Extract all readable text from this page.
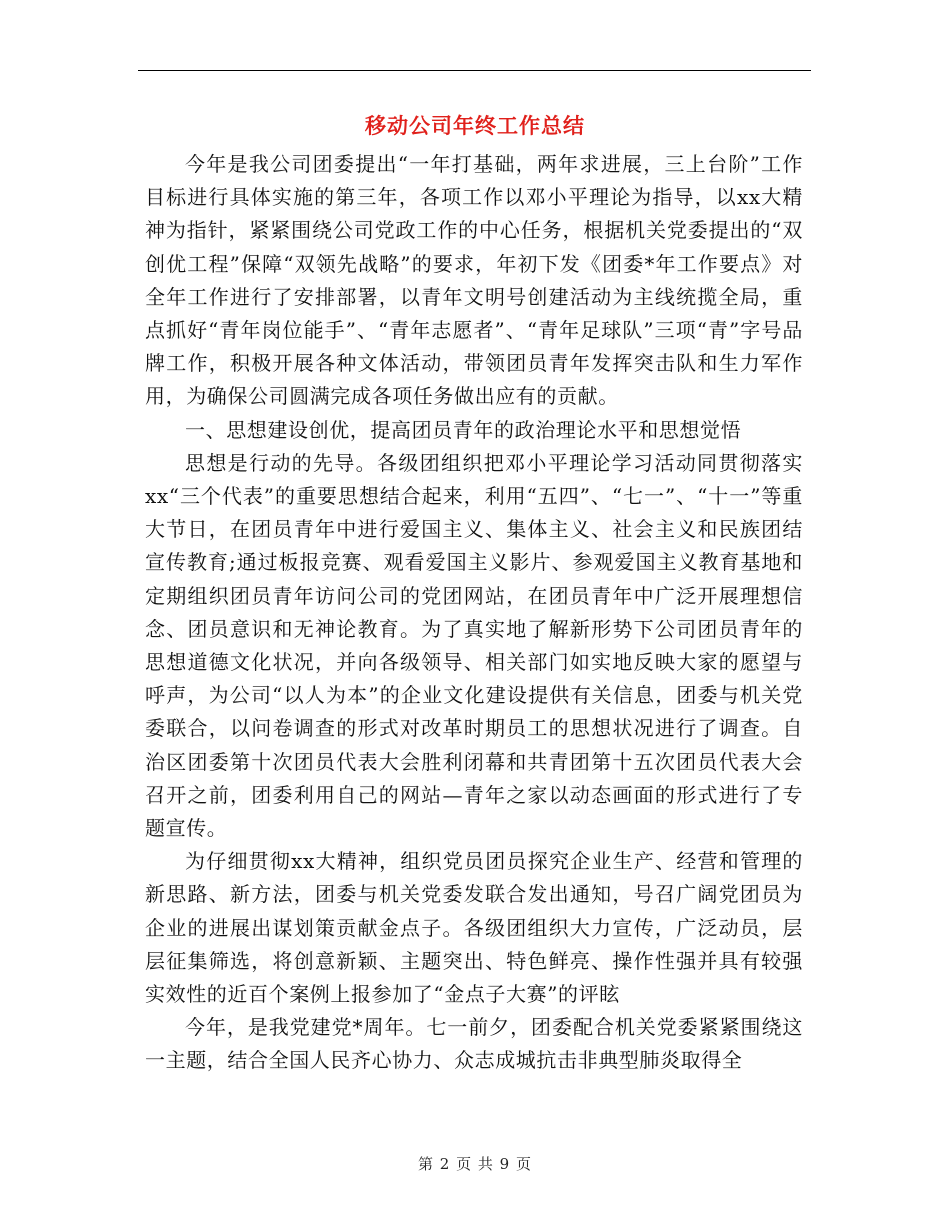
移动公司年终工作总结

今年是我公司团委提出“一年打基础，两年求进展，三上台阶”工作目标进行具体实施的第三年，各项工作以邓小平理论为指导，以xx大精神为指针，紧紧围绕公司党政工作的中心任务，根据机关党委提出的“双创优工程”保障“双领先战略”的要求，年初下发《团委*年工作要点》对全年工作进行了安排部署，以青年文明号创建活动为主线统揽全局，重点抓好“青年岗位能手”、“青年志愿者”、“青年足球队”三项“青”字号品牌工作，积极开展各种文体活动，带领团员青年发挥突击队和生力军作用，为确保公司圆满完成各项任务做出应有的贡献。

一、思想建设创优，提高团员青年的政治理论水平和思想觉悟

思想是行动的先导。各级团组织把邓小平理论学习活动同贯彻落实xx“三个代表”的重要思想结合起来，利用“五四”、“七一”、“十一”等重大节日，在团员青年中进行爱国主义、集体主义、社会主义和民族团结宣传教育;通过板报竞赛、观看爱国主义影片、参观爱国主义教育基地和定期组织团员青年访问公司的党团网站，在团员青年中广泛开展理想信念、团员意识和无神论教育。为了真实地了解新形势下公司团员青年的思想道德文化状况，并向各级领导、相关部门如实地反映大家的愿望与呼声，为公司“以人为本”的企业文化建设提供有关信息，团委与机关党委联合，以问卷调查的形式对改革时期员工的思想状况进行了调查。自治区团委第十次团员代表大会胜利闭幕和共青团第十五次团员代表大会召开之前，团委利用自己的网站—青年之家以动态画面的形式进行了专题宣传。

为仔细贯彻xx大精神，组织党员团员探究企业生产、经营和管理的新思路、新方法，团委与机关党委发联合发出通知，号召广阔党团员为企业的进展出谋划策贡献金点子。各级团组织大力宣传，广泛动员，层层征集筛选，将创意新颖、主题突出、特色鲜亮、操作性强并具有较强实效性的近百个案例上报参加了“金点子大赛”的评眩

今年，是我党建党*周年。七一前夕，团委配合机关党委紧紧围绕这一主题，结合全国人民齐心协力、众志成城抗击非典型肺炎取得全

第 2 页 共 9 页
